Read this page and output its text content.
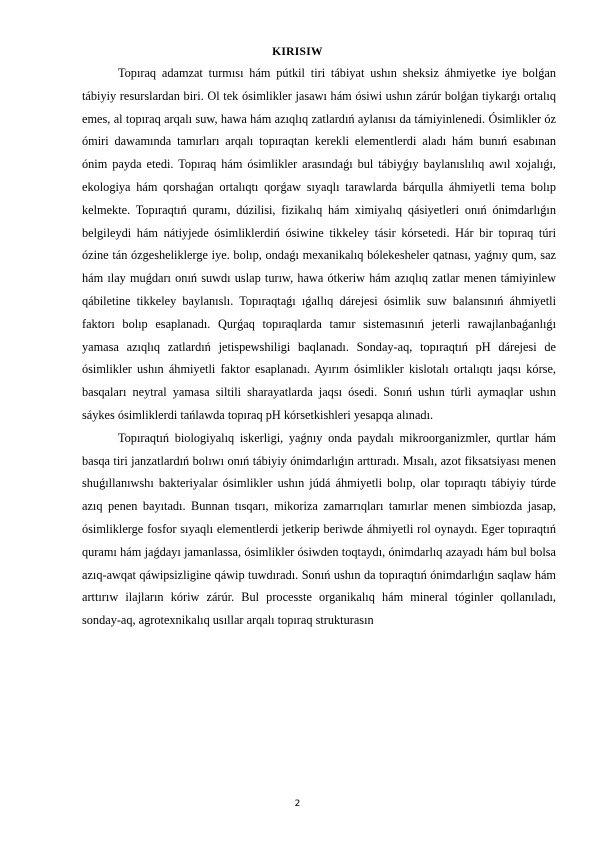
KIRISIW

Topıraq adamzat turmısı hám pútkil tiri tábiyat ushın sheksiz áhmiyetke iye bolǵan tábiyiy resurslardan biri. Ol tek ósimlikler jasawı hám ósiwi ushın zárúr bolǵan tiykarǵı ortalıq emes, al topıraq arqalı suw, hawa hám azıqlıq zatlardıń aylanısı da támiyinlenedi. Ósimlikler óz ómiri dawamında tamırları arqalı topıraqtan kerekli elementlerdi aladı hám bunıń esabınan ónim payda etedi. Topıraq hám ósimlikler arasındaǵı bul tábiyǵıy baylanıslılıq awıl xojalıǵı, ekologiya hám qorshaǵan ortalıqtı qorǵaw sıyaqlı tarawlarda bárqulla áhmiyetli tema bolıp kelmekte. Topıraqtıń quramı, dúzilisi, fizikalıq hám ximiyalıq qásiyetleri onıń ónimdarlıǵın belgileydi hám nátiyjede ósimliklerdiń ósiwine tikkeley tásir kórsetedi. Hár bir topıraq túri ózine tán ózgesheliklerge iye. bolıp, ondaǵı mexanikalıq bólekesheler qatnası, yaǵnıy qum, saz hám ılay muǵdarı onıń suwdı uslap turıw, hawa ótkeriw hám azıqlıq zatlar menen támiyinlew qábiletine tikkeley baylanıslı. Topıraqtaǵı ıǵallıq dárejesi ósimlik suw balansınıń áhmiyetli faktorı bolıp esaplanadı. Qurǵaq topıraqlarda tamır sistemasınıń jeterli rawajlanbaǵanlıǵı yamasa azıqlıq zatlardıń jetispewshiligi baqlanadı. Sonday-aq, topıraqtıń pH dárejesi de ósimlikler ushın áhmiyetli faktor esaplanadı. Ayırım ósimlikler kislotalı ortalıqtı jaqsı kórse, basqaları neytral yamasa siltili sharayatlarda jaqsı ósedi. Sonıń ushın túrli aymaqlar ushın sáykes ósimliklerdi tańlawda topıraq pH kórsetkishleri yesapqa alınadı.

Topıraqtıń biologiyalıq iskerligi, yaǵnıy onda paydalı mikroorganizmler, qurtlar hám basqa tiri janzatlardıń bolıwı onıń tábiyiy ónimdarlıǵın arttıradı. Mısalı, azot fiksatsiyası menen shuǵıllanıwshı bakteriyalar ósimlikler ushın júdá áhmiyetli bolıp, olar topıraqtı tábiyiy túrde azıq penen bayıtadı. Bunnan tısqarı, mikoriza zamarrıqları tamırlar menen simbiozda jasap, ósimliklerge fosfor sıyaqlı elementlerdi jetkerip beriwde áhmiyetli rol oynaydı. Eger topıraqtıń quramı hám jaǵdayı jamanlassa, ósimlikler ósiwden toqtaydı, ónimdarlıq azayadı hám bul bolsa azıq-awqat qáwipsizligine qáwip tuwdıradı. Sonıń ushın da topıraqtıń ónimdarlıǵın saqlaw hám arttırıw ilajların kóriw zárúr. Bul processte organikalıq hám mineral tóginler qollanıladı, sonday-aq, agrotexnikalıq usıllar arqalı topıraq strukturasın

2
